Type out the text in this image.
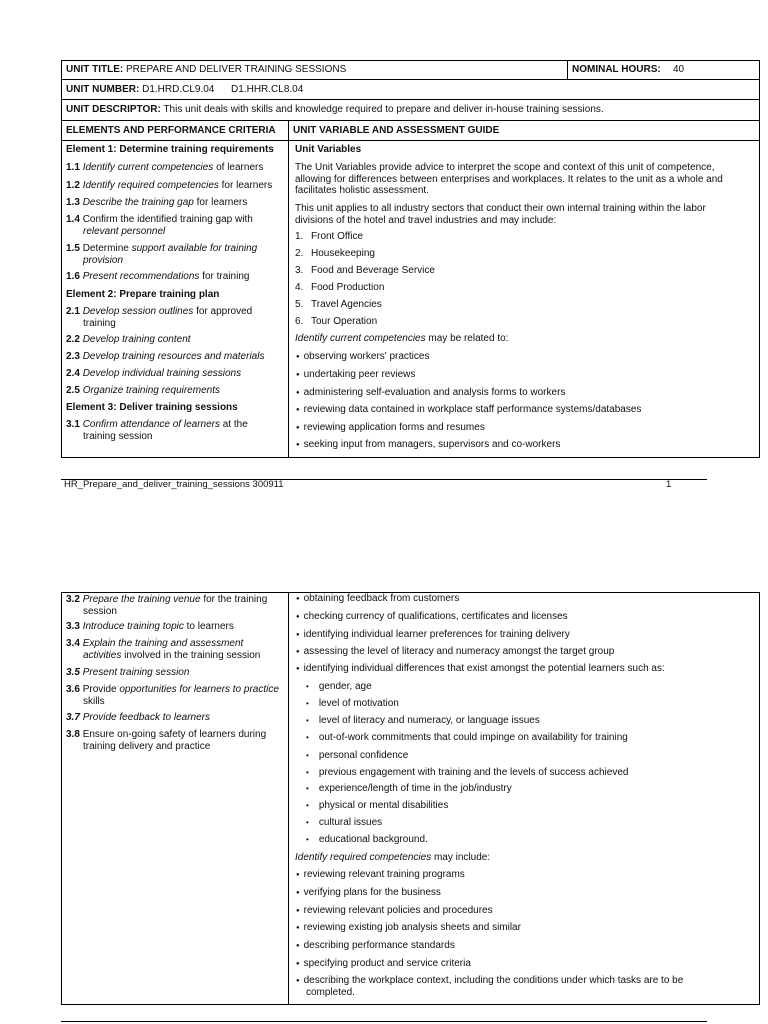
UNIT TITLE: PREPARE AND DELIVER TRAINING SESSIONS	NOMINAL HOURS: 40
UNIT NUMBER: D1.HRD.CL9.04      D1.HHR.CL8.04
UNIT DESCRIPTOR: This unit deals with skills and knowledge required to prepare and deliver in-house training sessions.
ELEMENTS AND PERFORMANCE CRITERIA UNIT VARIABLE AND ASSESSMENT GUIDE
Element 1: Determine training requirements
1.1 Identify current competencies of learners
1.2 Identify required competencies for learners
1.3 Describe the training gap for learners
1.4 Confirm the identified training gap with
relevant personnel
1.5 Determine support available for training
provision
1.6 Present recommendations for training
Element 2: Prepare training plan
2.1 Develop session outlines for approved
training
2.2 Develop training content
2.3 Develop training resources and materials
2.4 Develop individual training sessions
2.5 Organize training requirements
Element 3: Deliver training sessions
3.1 Confirm attendance of learners at the
training session
Unit Variables
The Unit Variables provide advice to interpret the scope and context of this unit of competence,
allowing for differences between enterprises and workplaces. It relates to the unit as a whole and
facilitates holistic assessment.
This unit applies to all industry sectors that conduct their own internal training within the labor
divisions of the hotel and travel industries and may include:
1. Front Office
2. Housekeeping
3. Food and Beverage Service
4. Food Production
5. Travel Agencies
6. Tour Operation
Identify current competencies may be related to:
● observing workers' practices
● undertaking peer reviews
● administering self-evaluation and analysis forms to workers
● reviewing data contained in workplace staff performance systems/databases
● reviewing application forms and resumes
● seeking input from managers, supervisors and co-workers
HR_Prepare_and_deliver_training_sessions 300911	1
3.2 Prepare the training venue for the training
session
3.3 Introduce training topic to learners
3.4 Explain the training and assessment
activities involved in the training session
3.5 Present training session
3.6 Provide opportunities for learners to practice
skills
3.7 Provide feedback to learners
3.8 Ensure on-going safety of learners during
training delivery and practice
● obtaining feedback from customers
● checking currency of qualifications, certificates and licenses
● identifying individual learner preferences for training delivery
● assessing the level of literacy and numeracy amongst the target group
● identifying individual differences that exist amongst the potential learners such as:
• gender, age
• level of motivation
• level of literacy and numeracy, or language issues
• out-of-work commitments that could impinge on availability for training
• personal confidence
• previous engagement with training and the levels of success achieved
• experience/length of time in the job/industry
• physical or mental disabilities
• cultural issues
• educational background.
Identify required competencies may include:
● reviewing relevant training programs
● verifying plans for the business
● reviewing relevant policies and procedures
● reviewing existing job analysis sheets and similar
● describing performance standards
● specifying product and service criteria
● describing the workplace context, including the conditions under which tasks are to be
completed.
